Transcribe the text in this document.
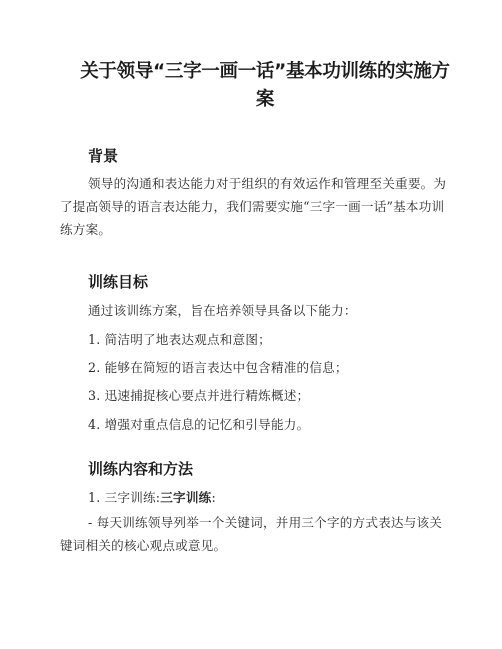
关于领导“三字一画一话”基本功训练的实施方案
背景
领导的沟通和表达能力对于组织的有效运作和管理至关重要。为了提高领导的语言表达能力，我们需要实施“三字一画一话”基本功训练方案。
训练目标
通过该训练方案，旨在培养领导具备以下能力：
1. 简洁明了地表达观点和意图；
2. 能够在简短的语言表达中包含精准的信息；
3. 迅速捕捉核心要点并进行精炼概述；
4. 增强对重点信息的记忆和引导能力。
训练内容和方法
1. 三字训练:三字训练:
- 每天训练领导列举一个关键词，并用三个字的方式表达与该关键词相关的核心观点或意见。
